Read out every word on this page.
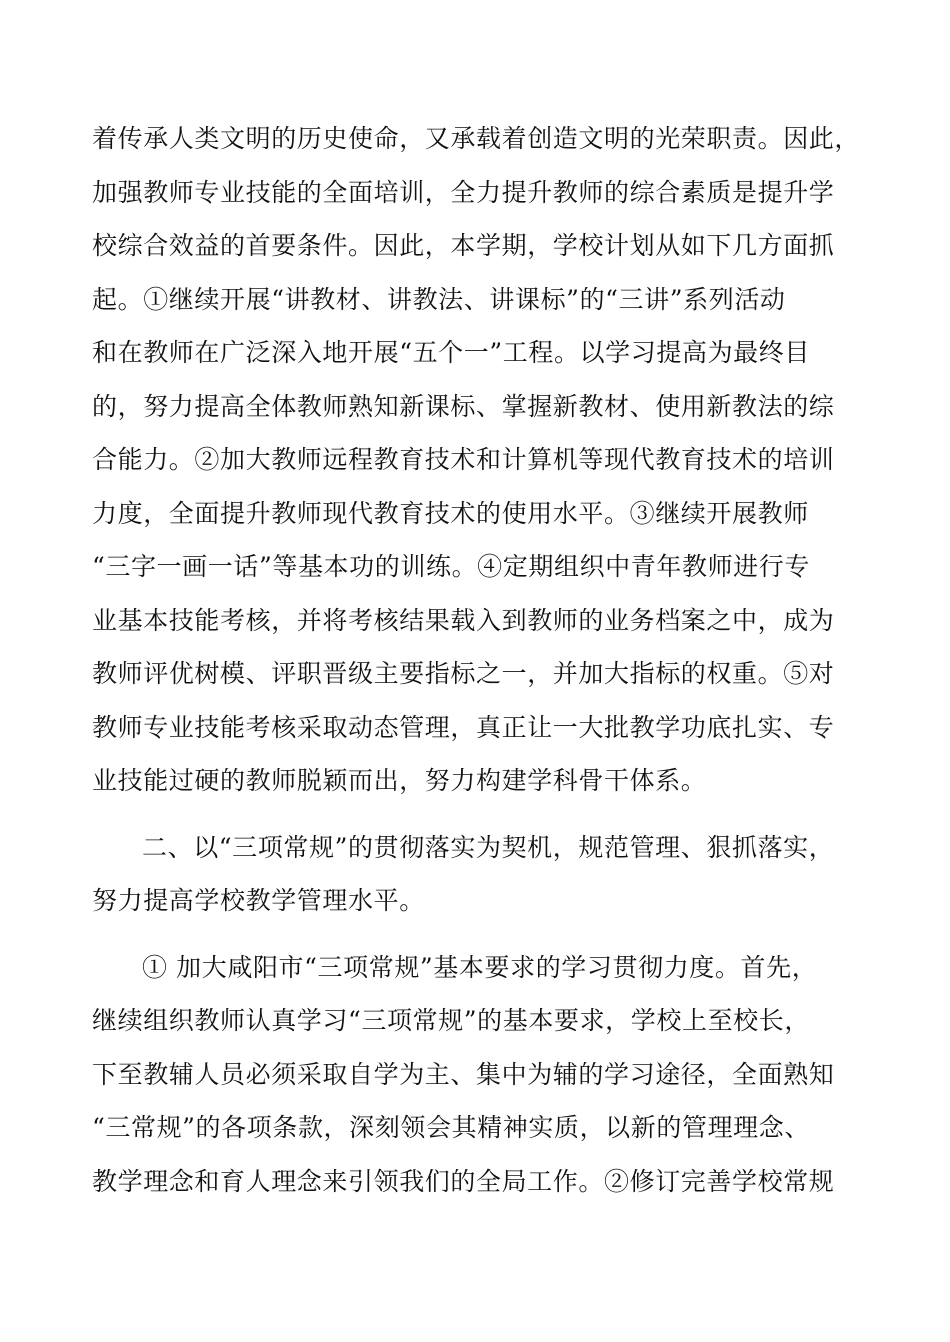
着传承人类文明的历史使命，又承载着创造文明的光荣职责。因此，
加强教师专业技能的全面培训，全力提升教师的综合素质是提升学
校综合效益的首要条件。因此，本学期，学校计划从如下几方面抓
起。①继续开展“讲教材、讲教法、讲课标”的“三讲”系列活动
和在教师在广泛深入地开展“五个一”工程。以学习提高为最终目
的，努力提高全体教师熟知新课标、掌握新教材、使用新教法的综
合能力。②加大教师远程教育技术和计算机等现代教育技术的培训
力度，全面提升教师现代教育技术的使用水平。③继续开展教师
“三字一画一话”等基本功的训练。④定期组织中青年教师进行专
业基本技能考核，并将考核结果载入到教师的业务档案之中，成为
教师评优树模、评职晋级主要指标之一，并加大指标的权重。⑤对
教师专业技能考核采取动态管理，真正让一大批教学功底扎实、专
业技能过硬的教师脱颖而出，努力构建学科骨干体系。
二、以“三项常规”的贯彻落实为契机，规范管理、狠抓落实，
努力提高学校教学管理水平。
① 加大咸阳市“三项常规”基本要求的学习贯彻力度。首先，
继续组织教师认真学习“三项常规”的基本要求，学校上至校长，
下至教辅人员必须采取自学为主、集中为辅的学习途径，全面熟知
“三常规”的各项条款，深刻领会其精神实质，以新的管理理念、
教学理念和育人理念来引领我们的全局工作。②修订完善学校常规
